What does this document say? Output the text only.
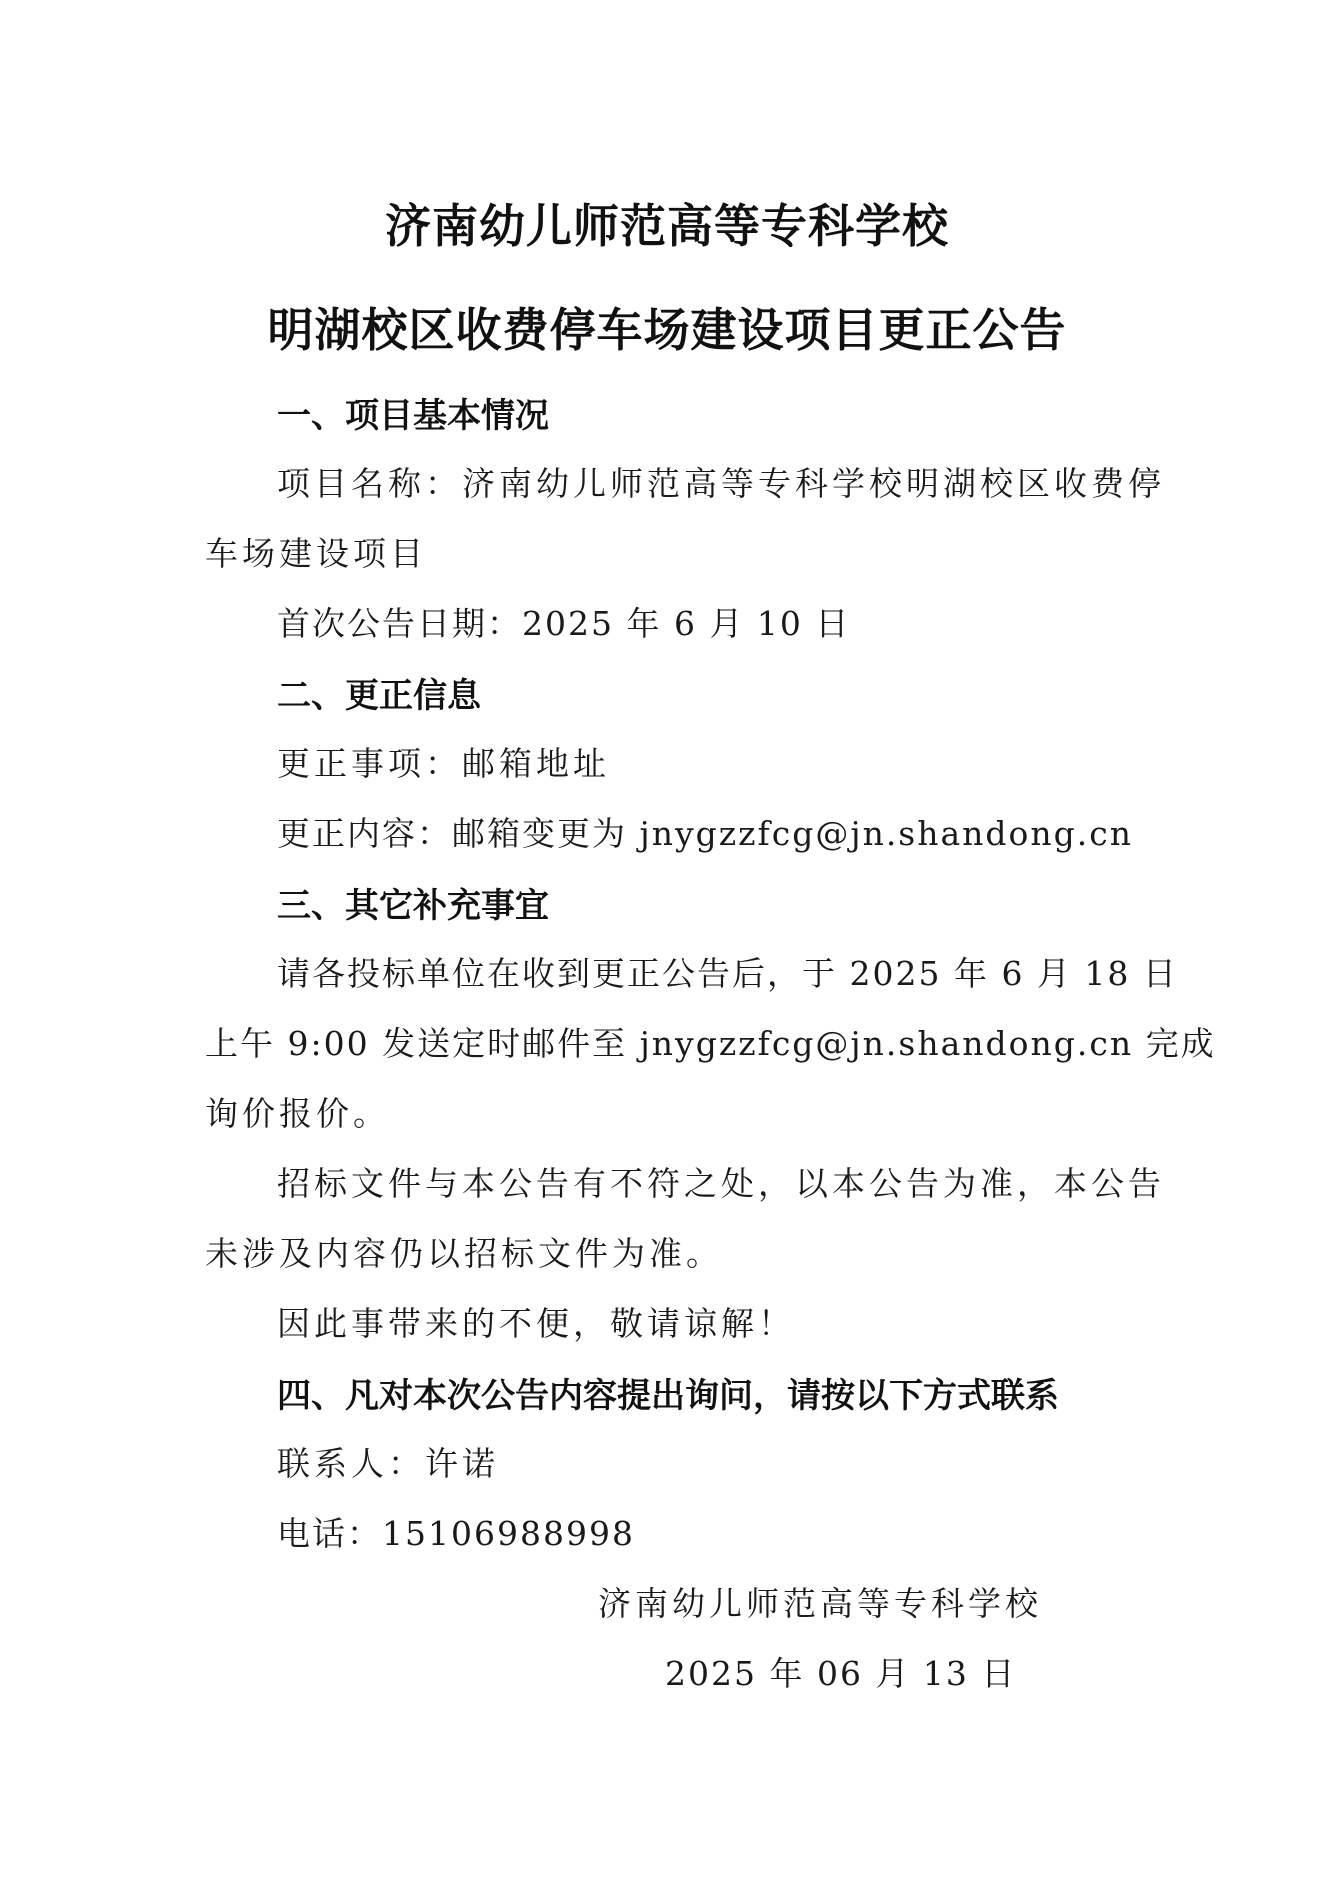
济南幼儿师范高等专科学校
明湖校区收费停车场建设项目更正公告
一、项目基本情况
项目名称：济南幼儿师范高等专科学校明湖校区收费停
车场建设项目
首次公告日期：2025 年 6 月 10 日
二、更正信息
更正事项：邮箱地址
更正内容：邮箱变更为 jnygzzfcg@jn.shandong.cn
三、其它补充事宜
请各投标单位在收到更正公告后，于 2025 年 6 月 18 日
上午 9:00 发送定时邮件至 jnygzzfcg@jn.shandong.cn 完成
询价报价。
招标文件与本公告有不符之处，以本公告为准，本公告
未涉及内容仍以招标文件为准。
因此事带来的不便，敬请谅解！
四、凡对本次公告内容提出询问，请按以下方式联系
联系人：许诺
电话：15106988998
济南幼儿师范高等专科学校
2025 年 06 月 13 日
